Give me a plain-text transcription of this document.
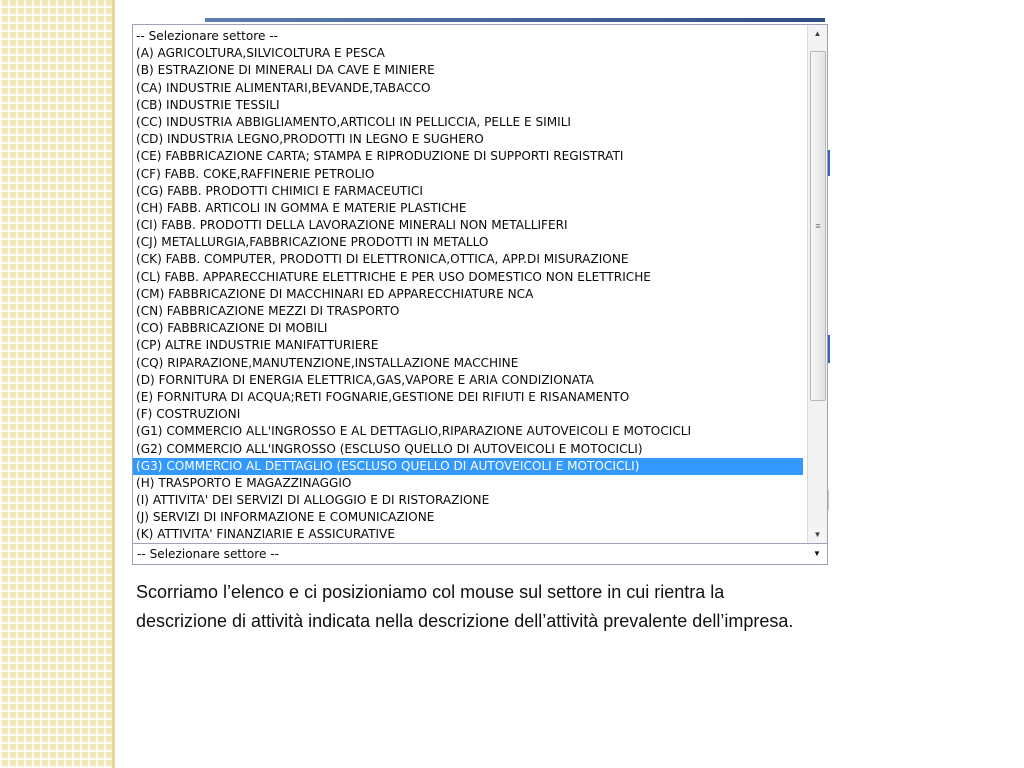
-- Selezionare settore --
(A) AGRICOLTURA,SILVICOLTURA E PESCA
(B) ESTRAZIONE DI MINERALI DA CAVE E MINIERE
(CA) INDUSTRIE ALIMENTARI,BEVANDE,TABACCO
(CB) INDUSTRIE TESSILI
(CC) INDUSTRIA ABBIGLIAMENTO,ARTICOLI IN PELLICCIA, PELLE E SIMILI
(CD) INDUSTRIA LEGNO,PRODOTTI IN LEGNO E SUGHERO
(CE) FABBRICAZIONE CARTA; STAMPA E RIPRODUZIONE DI SUPPORTI REGISTRATI
(CF) FABB. COKE,RAFFINERIE PETROLIO
(CG) FABB. PRODOTTI CHIMICI E FARMACEUTICI
(CH) FABB. ARTICOLI IN GOMMA E MATERIE PLASTICHE
(CI) FABB. PRODOTTI DELLA LAVORAZIONE MINERALI NON METALLIFERI
(CJ) METALLURGIA,FABBRICAZIONE PRODOTTI IN METALLO
(CK) FABB. COMPUTER, PRODOTTI DI ELETTRONICA,OTTICA, APP.DI MISURAZIONE
(CL) FABB. APPARECCHIATURE ELETTRICHE E PER USO DOMESTICO NON ELETTRICHE
(CM) FABBRICAZIONE DI MACCHINARI ED APPARECCHIATURE NCA
(CN) FABBRICAZIONE MEZZI DI TRASPORTO
(CO) FABBRICAZIONE DI MOBILI
(CP) ALTRE INDUSTRIE MANIFATTURIERE
(CQ) RIPARAZIONE,MANUTENZIONE,INSTALLAZIONE MACCHINE
(D) FORNITURA DI ENERGIA ELETTRICA,GAS,VAPORE E ARIA CONDIZIONATA
(E) FORNITURA DI ACQUA;RETI FOGNARIE,GESTIONE DEI RIFIUTI E RISANAMENTO
(F) COSTRUZIONI
(G1) COMMERCIO ALL'INGROSSO E AL DETTAGLIO,RIPARAZIONE AUTOVEICOLI E MOTOCICLI
(G2) COMMERCIO ALL'INGROSSO (ESCLUSO QUELLO DI AUTOVEICOLI E MOTOCICLI)
(G3) COMMERCIO AL DETTAGLIO (ESCLUSO QUELLO DI AUTOVEICOLI E MOTOCICLI)
(H) TRASPORTO E MAGAZZINAGGIO
(I) ATTIVITA' DEI SERVIZI DI ALLOGGIO E DI RISTORAZIONE
(J) SERVIZI DI INFORMAZIONE E COMUNICAZIONE
(K) ATTIVITA' FINANZIARIE E ASSICURATIVE
▲
≡
▼
-- Selezionare settore --	▼
Scorriamo l’elenco e ci posizioniamo col mouse sul settore in cui rientra la
descrizione di attività indicata nella descrizione dell’attività prevalente dell’impresa.
